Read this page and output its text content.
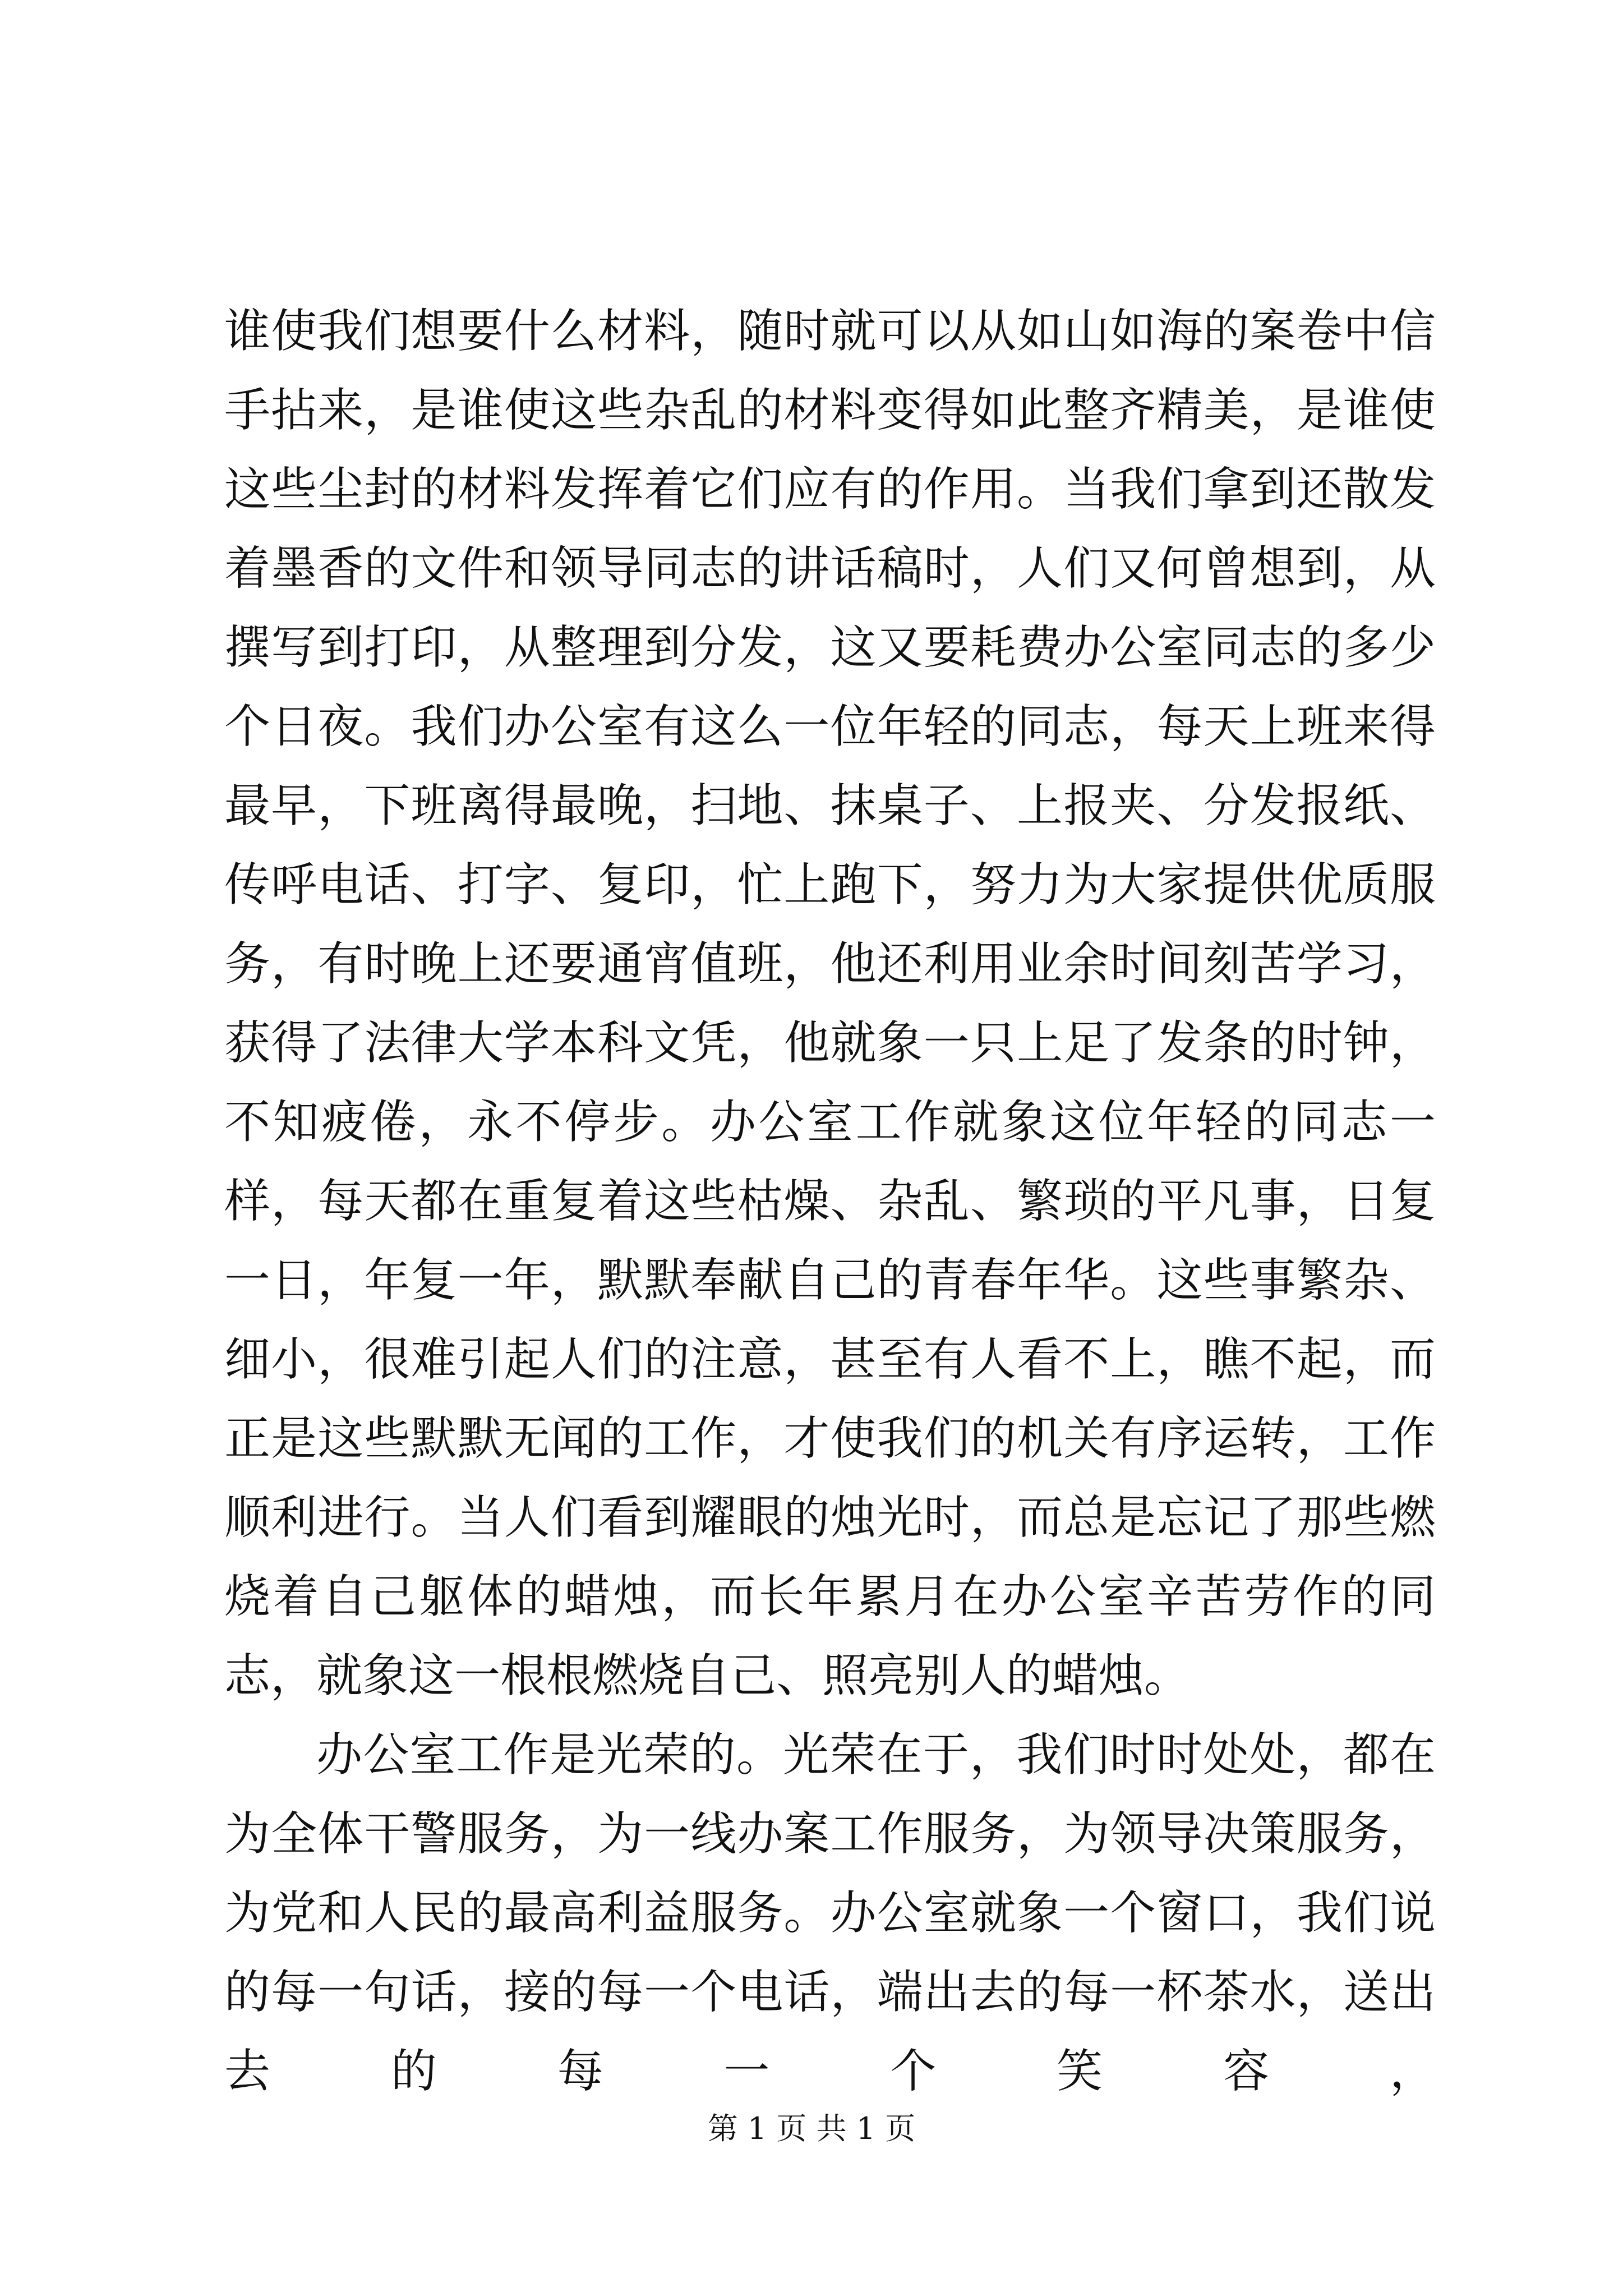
谁使我们想要什么材料，随时就可以从如山如海的案卷中信手拈来，是谁使这些杂乱的材料变得如此整齐精美，是谁使这些尘封的材料发挥着它们应有的作用。当我们拿到还散发着墨香的文件和领导同志的讲话稿时，人们又何曾想到，从撰写到打印，从整理到分发，这又要耗费办公室同志的多少个日夜。我们办公室有这么一位年轻的同志，每天上班来得最早，下班离得最晚，扫地、抹桌子、上报夹、分发报纸、传呼电话、打字、复印，忙上跑下，努力为大家提供优质服务，有时晚上还要通宵值班，他还利用业余时间刻苦学习，获得了法律大学本科文凭，他就象一只上足了发条的时钟，不知疲倦，永不停步。办公室工作就象这位年轻的同志一样，每天都在重复着这些枯燥、杂乱、繁琐的平凡事，日复一日，年复一年，默默奉献自己的青春年华。这些事繁杂、细小，很难引起人们的注意，甚至有人看不上，瞧不起，而正是这些默默无闻的工作，才使我们的机关有序运转，工作顺利进行。当人们看到耀眼的烛光时，而总是忘记了那些燃烧着自己躯体的蜡烛，而长年累月在办公室辛苦劳作的同志，就象这一根根燃烧自己、照亮别人的蜡烛。

办公室工作是光荣的。光荣在于，我们时时处处，都在为全体干警服务，为一线办案工作服务，为领导决策服务，为党和人民的最高利益服务。办公室就象一个窗口，我们说的每一句话，接的每一个电话，端出去的每一杯茶水，送出去的每一个笑容，

第 1 页 共 1 页
